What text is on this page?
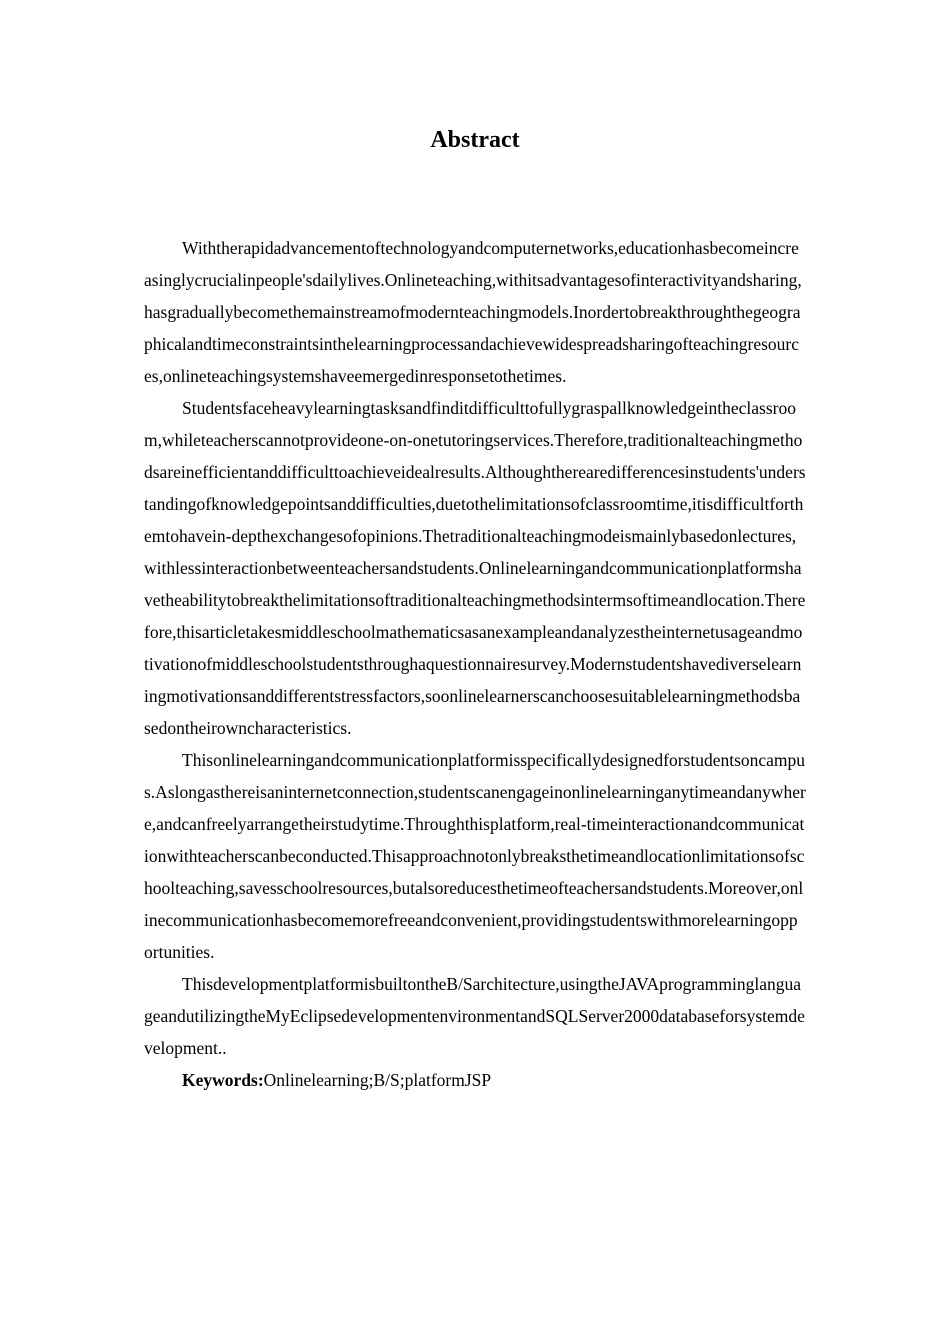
Abstract

Withtherapidadvancementoftechnologyandcomputernetworks,educationhasbecomeincreasinglycrucialinpeople'sdailylives.Onlineteaching,withitsadvantagesofinteractivityandsharing,hasgraduallybecomethemainstreamofmodernteachingmodels.Inordertobreakthroughthegeographicalandtimeconstraintsinthelearningprocessandachievewidespreadsharingofteachingresources,onlineteachingsystemshaveemergedinresponsetothetimes.

Studentsfaceheavylearningtasksandfinditdifficulttofullygraspallknowledgeintheclassroom,whileteacherscannotprovideone-on-onetutoringservices.Therefore,traditionalteachingmethodsareinefficientanddifficulttoachieveidealresults.Althoughtherearedifferencesinstudents'understandingofknowledgepointsanddifficulties,duetothelimitationsofclassroomtime,itisdifficultforthemtohavein-depthexchangesofopinions.Thetraditionalteachingmodeismainlybasedonlectures,withlessinteractionbetweenteachersandstudents.Onlinelearningandcommunicationplatformshavetheabilitytobreakthelimitationsoftraditionalteachingmethodsintermsoftimeandlocation.Therefore,thisarticletakesmiddleschoolmathematicsasanexampleandanalyzestheinternetusageandmotivationofmiddleschoolstudentsthroughaquestionnairesurvey.Modernstudentshavediverselearningmotivationsanddifferentstressfactors,soonlinelearnerscanchoosesuitablelearningmethodsbasedontheirowncharacteristics.

Thisonlinelearningandcommunicationplatformisspecificallydesignedforstudentsoncampus.Aslongasthereisaninternetconnection,studentscanengageinonlinelearninganytimeandanywhere,andcanfreelyarrangetheirstudytime.Throughthisplatform,real-timeinteractionandcommunicationwithteacherscanbeconducted.Thisapproachnotonlybreaksthetimeandlocationlimitationsofschoolteaching,savesschoolresources,butalsoreducesthetimeofteachersandstudents.Moreover,onlinecommunicationhasbecomemorefreeandconvenient,providingstudentswithmorelearningopportunities.

ThisdevelopmentplatformisbuiltontheB/Sarchitecture,usingtheJAVAprogramminglanguageandutilizingtheMyEclipsedevelopmentenvironmentandSQLServer2000databaseforsystemdevelopment..

Keywords:Onlinelearning;B/S;platformJSP
